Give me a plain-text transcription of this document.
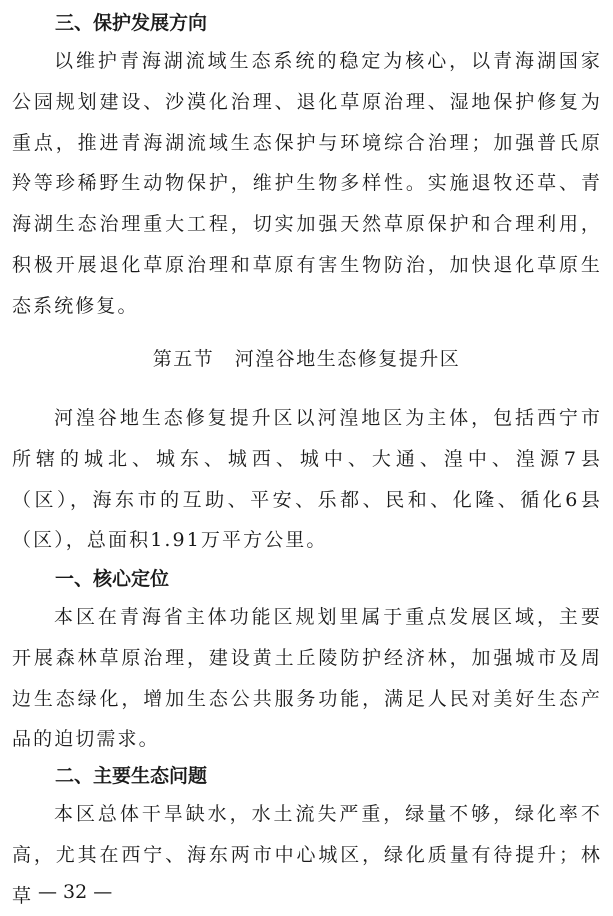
三、保护发展方向
以维护青海湖流域生态系统的稳定为核心，以青海湖国家公园规划建设、沙漠化治理、退化草原治理、湿地保护修复为重点，推进青海湖流域生态保护与环境综合治理；加强普氏原羚等珍稀野生动物保护，维护生物多样性。实施退牧还草、青海湖生态治理重大工程，切实加强天然草原保护和合理利用，积极开展退化草原治理和草原有害生物防治，加快退化草原生态系统修复。
第五节　河湟谷地生态修复提升区
河湟谷地生态修复提升区以河湟地区为主体，包括西宁市所辖的城北、城东、城西、城中、大通、湟中、湟源7县（区），海东市的互助、平安、乐都、民和、化隆、循化6县（区），总面积1.91万平方公里。
一、核心定位
本区在青海省主体功能区规划里属于重点发展区域，主要开展森林草原治理，建设黄土丘陵防护经济林，加强城市及周边生态绿化，增加生态公共服务功能，满足人民对美好生态产品的迫切需求。
二、主要生态问题
本区总体干旱缺水，水土流失严重，绿量不够，绿化率不高，尤其在西宁、海东两市中心城区，绿化质量有待提升；林草 — 32 —
